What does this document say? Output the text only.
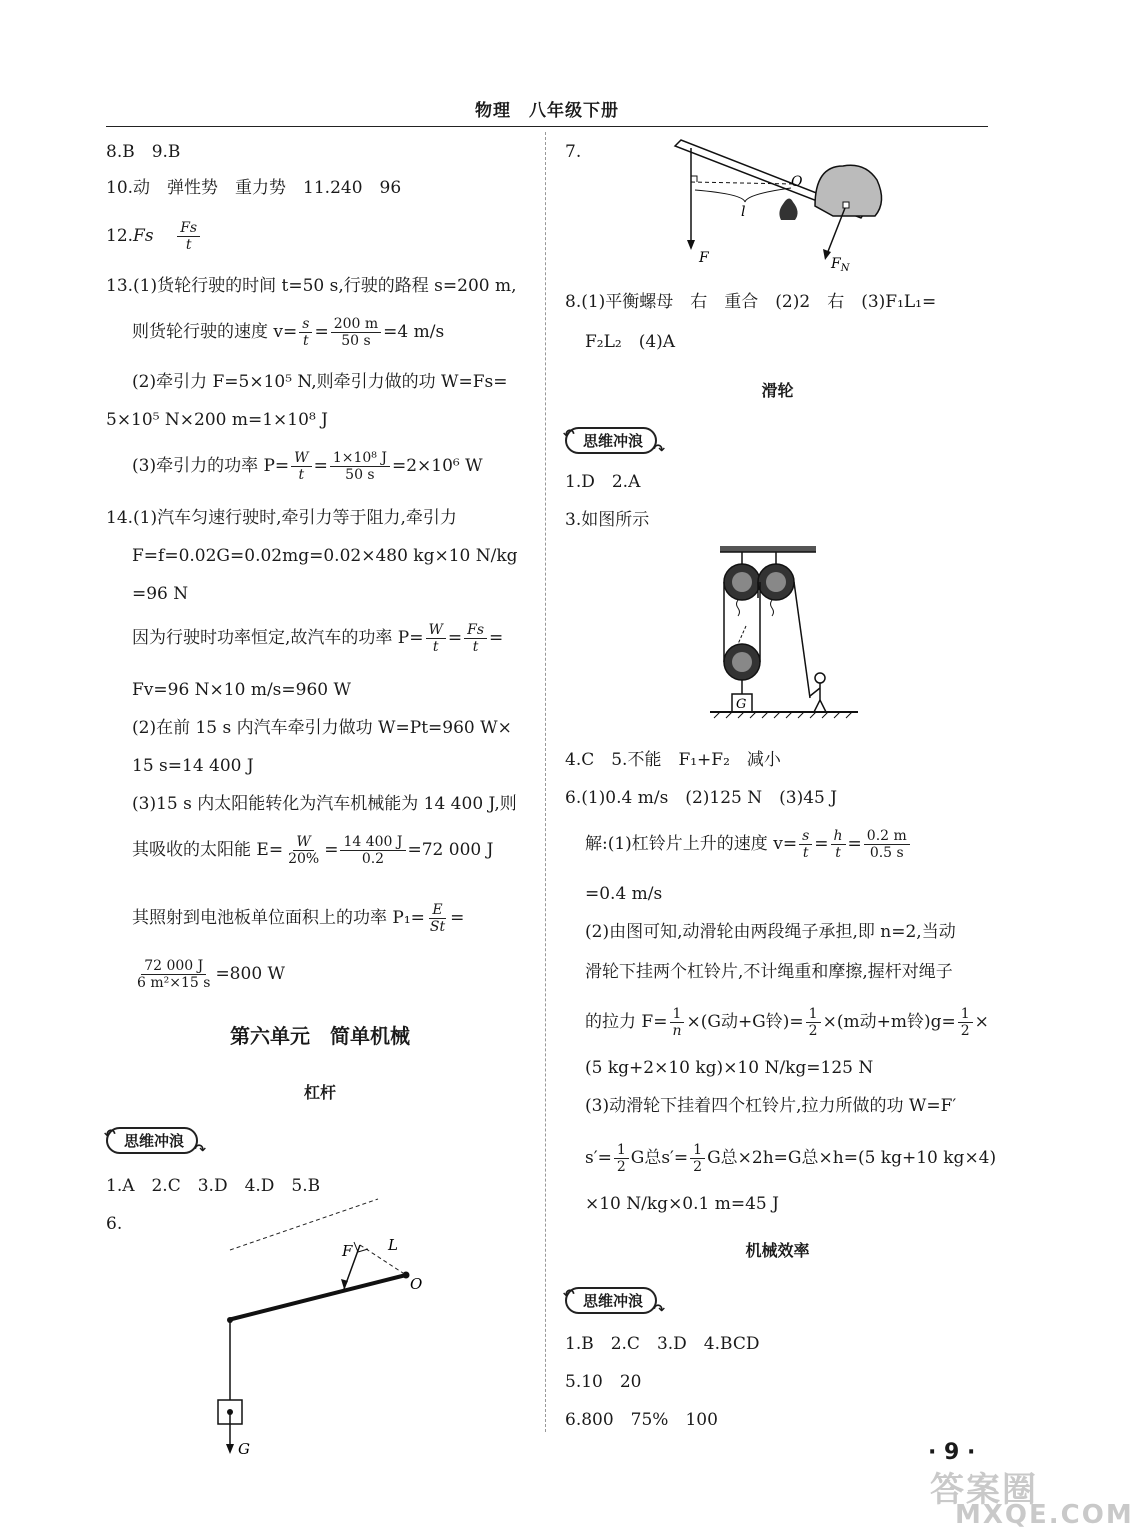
物理　八年级下册
8.B　9.B
10.动　弹性势　重力势　11.240　96
$12.Fs \frac{Fs}{t}$
13.(1)货轮行驶的时间 t=50 s,行驶的路程 s=200 m,
则货轮行驶的速度 $v= \frac{s}{t} = \frac{200 m}{50 s} =4$ m/s
(2)牵引力 F=5×10⁵ N,则牵引力做的功 W=Fs=
5×10⁵ N×200 m=1×10⁸ J
(3)牵引力的功率 $P= \frac{W}{t} = \frac{\text{1×10⁸ J}}{50 s} =2\times 10^6$ W
14.(1)汽车匀速行驶时,牵引力等于阻力,牵引力
F=f=0.02G=0.02mg=0.02×480 kg×10 N/kg
=96 N
因为行驶时功率恒定,故汽车的功率 $P= \frac{W}{t} = \frac{Fs}{t}$ =
Fv=96 N×10 m/s=960 W
(2)在前 15 s 内汽车牵引力做功 W=Pt=960 W×
15 s=14 400 J
(3)15 s 内太阳能转化为汽车机械能为 14 400 J,则
其吸收的太阳能 $E= \frac{W}{20\%} = \frac{14 400 J}{0.2} =72$ 000 J
其照射到电池板单位面积上的功率 $P_1= \frac{E}{St}$ =
$\frac{72 000 J}{\text{6 m²×15 s}} =800$ W
第六单元　简单机械
杠杆
↶ 思维冲浪 ↷
1.A　2.C　3.D　4.D　5.B
6.
F L
O
G
7.
l
O
F	$F_N$
8.(1)平衡螺母　右　重合　(2)2　右　(3)F₁L₁=
F₂L₂　(4)A
滑轮
↶ 思维冲浪 ↷
1.D　2.A
3.如图所示
G
4.C　5.不能　F₁+F₂　减小
6.(1)0.4 m/s　(2)125 N　(3)45 J
解:(1)杠铃片上升的速度 $v= \frac{s}{t} = \frac{h}{t} = \frac{0.2 m}{0.5 s}$
=0.4 m/s
(2)由图可知,动滑轮由两段绳子承担,即 n=2,当动
滑轮下挂两个杠铃片,不计绳重和摩擦,握杆对绳子
的拉力 $F= \frac{1}{n} \times(G$动+G铃)= $\frac{1}{2} \times(m$动+m铃)$g= \frac{1}{2}$ ×
(5 kg+2×10 kg)×10 N/kg=125 N
(3)动滑轮下挂着四个杠铃片,拉力所做的功 W=F′
$s'= \frac{1}{2}$ G总$s'= \frac{1}{2}$ G总×2h=G总×h=(5 kg+10 kg×4)
×10 N/kg×0.1 m=45 J
机械效率
↶ 思维冲浪 ↷
1.B　2.C　3.D　4.BCD
5.10　20
6.800　75%　100
· 9 ·
答案圈
MXQE.COM
